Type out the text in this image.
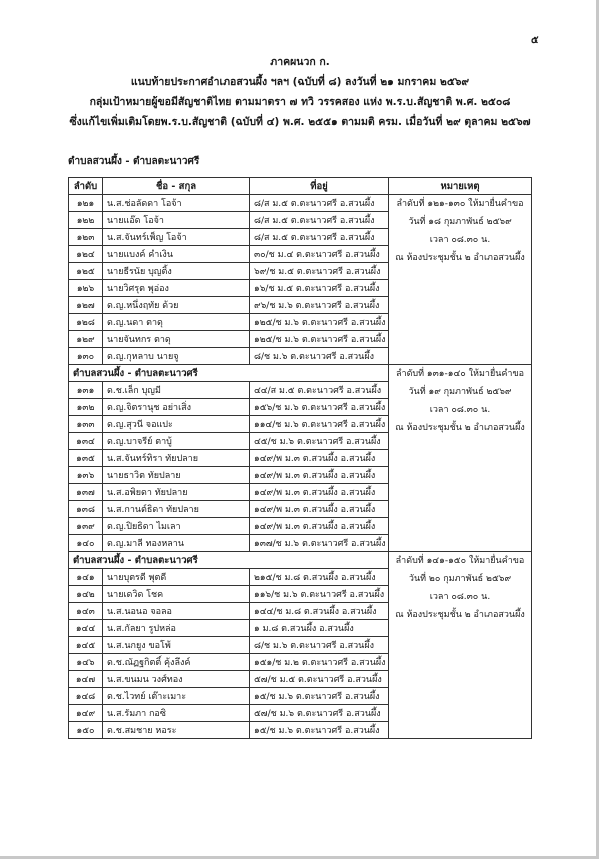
๕
ภาคผนวก ก.
แนบท้ายประกาศอำเภอสวนผึ้ง ฯลฯ (ฉบับที่ ๘) ลงวันที่ ๒๑ มกราคม ๒๕๖๙
กลุ่มเป้าหมายผู้ขอมีสัญชาติไทย ตามมาตรา ๗ ทวิ วรรคสอง แห่ง พ.ร.บ.สัญชาติ พ.ศ. ๒๕๐๘
ซึ่งแก้ไขเพิ่มเติมโดยพ.ร.บ.สัญชาติ (ฉบับที่ ๔) พ.ศ. ๒๕๕๑ ตามมติ ครม. เมื่อวันที่ ๒๙ ตุลาคม ๒๕๖๗
ตำบลสวนผึ้ง - ตำบลตะนาวศรี
ลำดับ	ชื่อ - สกุล	ที่อยู่	หมายเหตุ
๑๒๑	น.ส.ช่อลัดดา โอจ้า	๘/ส ม.๕ ต.ตะนาวศรี อ.สวนผึ้ง	ลำดับที่ ๑๒๑-๑๓๐ ให้มายื่นคำขอ
วันที่ ๑๘ กุมภาพันธ์ ๒๕๖๙
เวลา ๐๘.๓๐ น.
ณ ห้องประชุมชั้น ๒ อำเภอสวนผึ้ง

๑๒๒	นายแอ๊ด โอจ้า	๘/ส ม.๕ ต.ตะนาวศรี อ.สวนผึ้ง	
๑๒๓	น.ส.จันทร์เพ็ญ โอจ้า	๘/ส ม.๕ ต.ตะนาวศรี อ.สวนผึ้ง	
๑๒๔	นายแบงค์ คำเงิน	๓๐/ช ม.๔ ต.ตะนาวศรี อ.สวนผึ้ง	
๑๒๕	นายธีรนัย บุญติ้ง	๖๙/ช ม.๕ ต.ตะนาวศรี อ.สวนผึ้ง	
๑๒๖	นายวิศรุต พุอ่อง	๑๖/ช ม.๕ ต.ตะนาวศรี อ.สวนผึ้ง	
๑๒๗	ด.ญ.หนึ่งฤทัย ด้วย	๙๖/ช ม.๖ ต.ตะนาวศรี อ.สวนผึ้ง	
๑๒๘	ด.ญ.นดา ตาดุ	๑๒๕/ช ม.๖ ต.ตะนาวศรี อ.สวนผึ้ง	
๑๒๙	นายจันทกร ตาดุ	๑๒๕/ช ม.๖ ต.ตะนาวศรี อ.สวนผึ้ง	
๑๓๐	ด.ญ.กุหลาบ นายจู	๘/ช ม.๖ ต.ตะนาวศรี อ.สวนผึ้ง	
ตำบลสวนผึ้ง - ตำบลตะนาวศรี			ลำดับที่ ๑๓๑-๑๔๐ ให้มายื่นคำขอ
วันที่ ๑๙ กุมภาพันธ์ ๒๕๖๙
เวลา ๐๘.๓๐ น.
ณ ห้องประชุมชั้น ๒ อำเภอสวนผึ้ง

๑๓๑	ด.ช.เล็ก บุญมี	๔๔/ส ม.๕ ต.ตะนาวศรี อ.สวนผึ้ง	
๑๓๒	ด.ญ.จิตรานุช อย่าเสิ่ง	๑๕๖/ช ม.๖ ต.ตะนาวศรี อ.สวนผึ้ง	
๑๓๓	ด.ญ.สุวนี จอแปะ	๑๑๔/ช ม.๖ ต.ตะนาวศรี อ.สวนผึ้ง	
๑๓๔	ด.ญ.บาจรีย์ ตาบู้	๔๕/ช ม.๖ ต.ตะนาวศรี อ.สวนผึ้ง	
๑๓๕	น.ส.จันทร์ทิรา ทัยปลาย	๑๔๙/พ ม.๓ ต.สวนผึ้ง อ.สวนผึ้ง	
๑๓๖	นายธาวิต ทัยปลาย	๑๔๙/พ ม.๓ ต.สวนผึ้ง อ.สวนผึ้ง	
๑๓๗	น.ส.อพิยดา ทัยปลาย	๑๔๙/พ ม.๓ ต.สวนผึ้ง อ.สวนผึ้ง	
๑๓๘	น.ส.กานต์ธิดา ทัยปลาย	๑๔๙/พ ม.๓ ต.สวนผึ้ง อ.สวนผึ้ง	
๑๓๙	ด.ญ.ปิยธิดา ไมเลา	๑๔๙/พ ม.๓ ต.สวนผึ้ง อ.สวนผึ้ง	
๑๔๐	ด.ญ.มาลี ทองหลาน	๑๓๗/ช ม.๖ ต.ตะนาวศรี อ.สวนผึ้ง	
ตำบลสวนผึ้ง - ตำบลตะนาวศรี			ลำดับที่ ๑๔๑-๑๕๐ ให้มายื่นคำขอ
วันที่ ๒๐ กุมภาพันธ์ ๒๕๖๙
เวลา ๐๘.๓๐ น.
ณ ห้องประชุมชั้น ๒ อำเภอสวนผึ้ง

๑๔๑	นายบุตรดี พุตดี	๒๑๕/ช ม.๘ ต.สวนผึ้ง อ.สวนผึ้ง	
๑๔๒	นายเดวิด โชค	๑๑๖/ช ม.๖ ต.ตะนาวศรี อ.สวนผึ้ง	
๑๔๓	น.ส.นอนอ จอลอ	๑๔๔/ช ม.๘ ต.สวนผึ้ง อ.สวนผึ้ง	
๑๔๔	น.ส.กัลยา รูปหล่อ	๑ ม.๘ ต.สวนผึ้ง อ.สวนผึ้ง	
๑๔๕	น.ส.นกยูง ขอโพ้	๘/ช ม.๖ ต.ตะนาวศรี อ.สวนผึ้ง	
๑๔๖	ด.ช.ณัฏฐกิตติ์ คุ้งลึงค์	๑๕๑/ช ม.๒ ต.ตะนาวศรี อ.สวนผึ้ง	
๑๔๗	น.ส.ขนมน วงศ์ทอง	๕๗/ช ม.๕ ต.ตะนาวศรี อ.สวนผึ้ง	
๑๔๘	ด.ช.ไวทย์ เต๊าะเมาะ	๑๕/ช ม.๖ ต.ตะนาวศรี อ.สวนผึ้ง	
๑๔๙	น.ส.รัมภา กอซิ	๕๗/ช ม.๖ ต.ตะนาวศรี อ.สวนผึ้ง	
๑๕๐	ด.ช.สมชาย หอระ	๑๕/ช ม.๖ ต.ตะนาวศรี อ.สวนผึ้ง	
